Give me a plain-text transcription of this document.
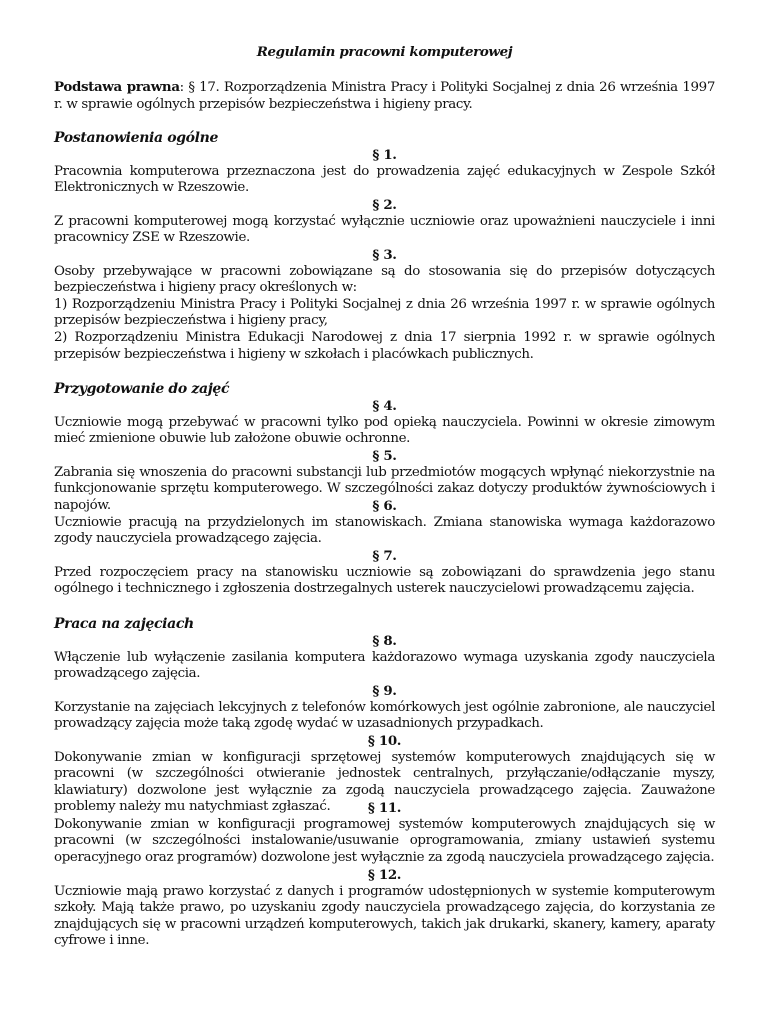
Regulamin pracowni komputerowej
Podstawa prawna: § 17. Rozporządzenia Ministra Pracy i Polityki Socjalnej z dnia 26 września 1997 r. w sprawie ogólnych przepisów bezpieczeństwa i higieny pracy.
Postanowienia ogólne
§ 1.
Pracownia komputerowa przeznaczona jest do prowadzenia zajęć edukacyjnych w Zespole Szkół Elektronicznych w Rzeszowie.
§ 2.
Z pracowni komputerowej mogą korzystać wyłącznie uczniowie oraz upoważnieni nauczyciele i inni pracownicy ZSE w Rzeszowie.
§ 3.
Osoby przebywające w pracowni zobowiązane są do stosowania się do przepisów dotyczących bezpieczeństwa i higieny pracy określonych w:
1) Rozporządzeniu Ministra Pracy i Polityki Socjalnej z dnia 26 września 1997 r. w sprawie ogólnych przepisów bezpieczeństwa i higieny pracy,
2) Rozporządzeniu Ministra Edukacji Narodowej z dnia 17 sierpnia 1992 r. w sprawie ogólnych przepisów bezpieczeństwa i higieny w szkołach i placówkach publicznych.
Przygotowanie do zajęć
§ 4.
Uczniowie mogą przebywać w pracowni tylko pod opieką nauczyciela. Powinni w okresie zimowym mieć zmienione obuwie lub założone obuwie ochronne.
§ 5.
Zabrania się wnoszenia do pracowni substancji lub przedmiotów mogących wpłynąć niekorzystnie na funkcjonowanie sprzętu komputerowego. W szczególności zakaz dotyczy produktów żywnościowych i napojów.	§ 6.
Uczniowie pracują na przydzielonych im stanowiskach. Zmiana stanowiska wymaga każdorazowo zgody nauczyciela prowadzącego zajęcia.
§ 7.
Przed rozpoczęciem pracy na stanowisku uczniowie są zobowiązani do sprawdzenia jego stanu ogólnego i technicznego i zgłoszenia dostrzegalnych usterek nauczycielowi prowadzącemu zajęcia.
Praca na zajęciach
§ 8.
Włączenie lub wyłączenie zasilania komputera każdorazowo wymaga uzyskania zgody nauczyciela prowadzącego zajęcia.
§ 9.
Korzystanie na zajęciach lekcyjnych z telefonów komórkowych jest ogólnie zabronione, ale nauczyciel prowadzący zajęcia może taką zgodę wydać w uzasadnionych przypadkach.
§ 10.
Dokonywanie zmian w konfiguracji sprzętowej systemów komputerowych znajdujących się w pracowni (w szczególności otwieranie jednostek centralnych, przyłączanie/odłączanie myszy, klawiatury) dozwolone jest wyłącznie za zgodą nauczyciela prowadzącego zajęcia. Zauważone problemy należy mu natychmiast zgłaszać.	§ 11.
Dokonywanie zmian w konfiguracji programowej systemów komputerowych znajdujących się w pracowni (w szczególności instalowanie/usuwanie oprogramowania, zmiany ustawień systemu operacyjnego oraz programów) dozwolone jest wyłącznie za zgodą nauczyciela prowadzącego zajęcia.
§ 12.
Uczniowie mają prawo korzystać z danych i programów udostępnionych w systemie komputerowym szkoły. Mają także prawo, po uzyskaniu zgody nauczyciela prowadzącego zajęcia, do korzystania ze znajdujących się w pracowni urządzeń komputerowych, takich jak drukarki, skanery, kamery, aparaty cyfrowe i inne.
